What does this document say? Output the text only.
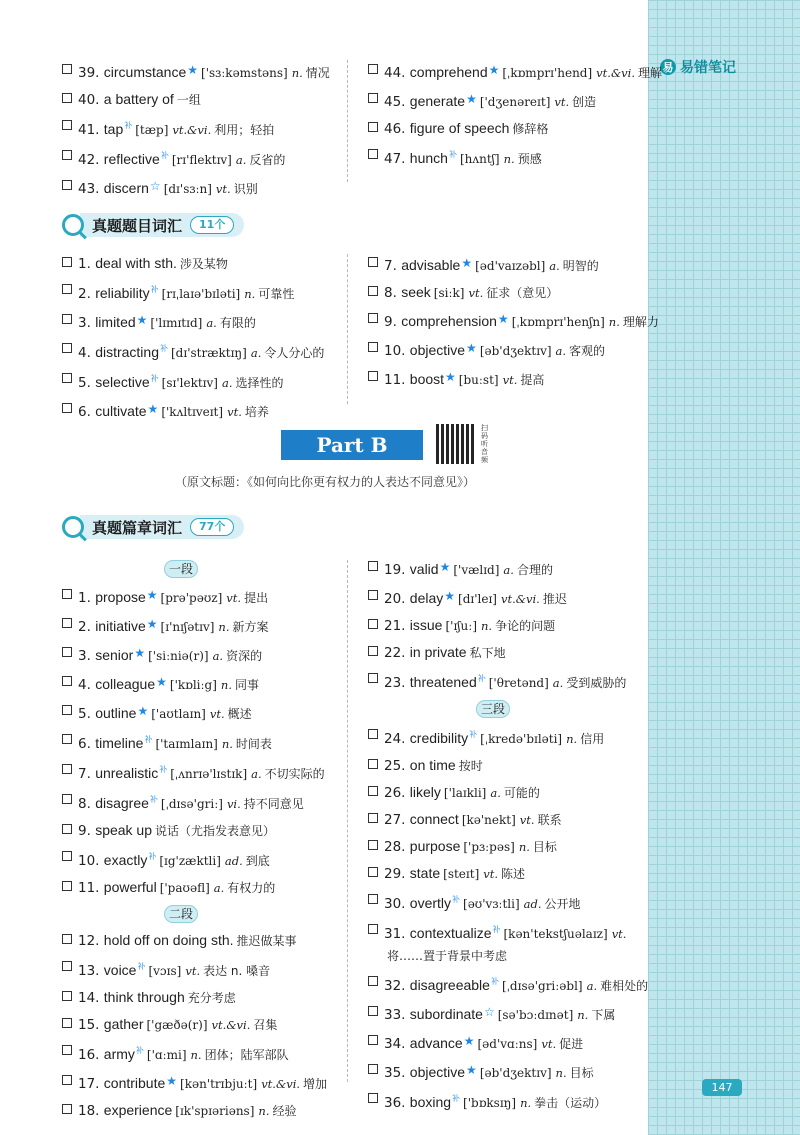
易 易错笔记
147
39. circumstance★ ['sɜːkəmstəns] n. 情况
40. a battery of 一组
41. tap$^补$ [tæp] vt.&vi. 利用；轻拍
42. reflective$^补$ [rɪ'flektɪv] a. 反省的
43. discern☆ [dɪ'sɜːn] vt. 识别
44. comprehend★ [ˌkɒmprɪ'hend] vt.&vi. 理解
45. generate★ ['dʒenəreɪt] vt. 创造
46. figure of speech 修辞格
47. hunch$^补$ [hʌntʃ] n. 预感
真题题目词汇	11个
1. deal with sth. 涉及某物
2. reliability$^补$ [rɪˌlaɪə'bɪləti] n. 可靠性
3. limited★ ['lɪmɪtɪd] a. 有限的
4. distracting$^补$ [dɪ'stræktɪŋ] a. 令人分心的
5. selective$^补$ [sɪ'lektɪv] a. 选择性的
6. cultivate★ ['kʌltɪveɪt] vt. 培养
7. advisable★ [əd'vaɪzəbl] a. 明智的
8. seek [siːk] vt. 征求（意见）
9. comprehension★ [ˌkɒmprɪ'henʃn] n. 理解力
10. objective★ [əb'dʒektɪv] a. 客观的
11. boost★ [buːst] vt. 提高
Part B
扫码听音频
（原文标题：《如何向比你更有权力的人表达不同意见》）
真题篇章词汇	77个
一段
1. propose★ [prə'pəʊz] vt. 提出
2. initiative★ [ɪ'nɪʃətɪv] n. 新方案
3. senior★ ['siːniə(r)] a. 资深的
4. colleague★ ['kɒliːg] n. 同事
5. outline★ ['aʊtlaɪn] vt. 概述
6. timeline$^补$ ['taɪmlaɪn] n. 时间表
7. unrealistic$^补$ [ˌʌnrɪə'lɪstɪk] a. 不切实际的
8. disagree$^补$ [ˌdɪsə'griː] vi. 持不同意见
9. speak up 说话（尤指发表意见）
10. exactly$^补$ [ɪg'zæktli] ad. 到底
11. powerful ['paʊəfl] a. 有权力的
二段
12. hold off on doing sth. 推迟做某事
13. voice$^补$ [vɔɪs] vt. 表达 n. 嗓音
14. think through 充分考虑
15. gather ['gæðə(r)] vt.&vi. 召集
16. army$^补$ ['ɑːmi] n. 团体；陆军部队
17. contribute★ [kən'trɪbjuːt] vt.&vi. 增加
18. experience [ɪk'spɪəriəns] n. 经验
19. valid★ ['vælɪd] a. 合理的
20. delay★ [dɪ'leɪ] vt.&vi. 推迟
21. issue ['ɪʃuː] n. 争论的问题
22. in private 私下地
23. threatened$^补$ ['θretənd] a. 受到威胁的
三段
24. credibility$^补$ [ˌkredə'bɪləti] n. 信用
25. on time 按时
26. likely ['laɪkli] a. 可能的
27. connect [kə'nekt] vt. 联系
28. purpose ['pɜːpəs] n. 目标
29. state [steɪt] vt. 陈述
30. overtly$^补$ [əʊ'vɜːtli] ad. 公开地
31. contextualize$^补$ [kən'tekstʃuəlaɪz] vt.将……置于背景中考虑
32. disagreeable$^补$ [ˌdɪsə'griːəbl] a. 难相处的
33. subordinate☆ [sə'bɔːdɪnət] n. 下属
34. advance★ [əd'vɑːns] vt. 促进
35. objective★ [əb'dʒektɪv] n. 目标
36. boxing$^补$ ['bɒksɪŋ] n. 拳击（运动）
